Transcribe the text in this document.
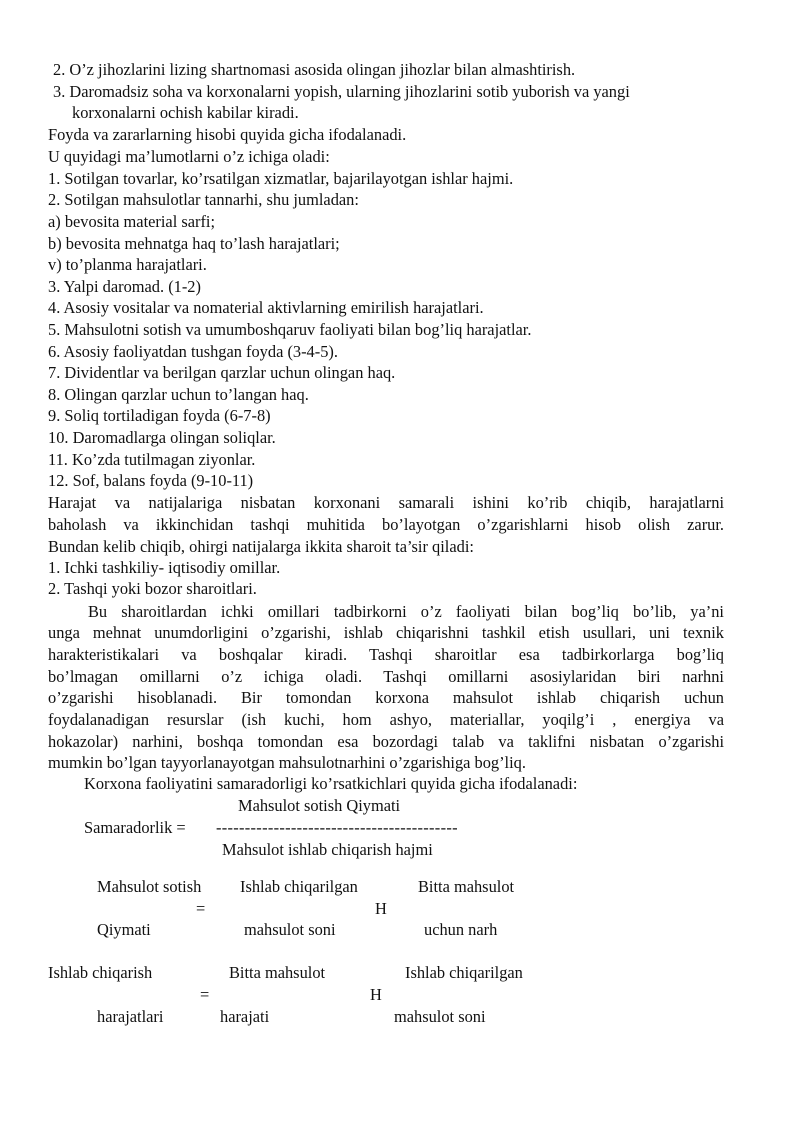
2. O’z jihozlarini lizing shartnomasi asosida olingan jihozlar bilan almashtirish.
3. Daromadsiz soha va korxonalarni yopish, ularning jihozlarini sotib yuborish va yangi
korxonalarni ochish kabilar kiradi.
Foyda va zararlarning hisobi quyida gicha ifodalanadi.
U quyidagi ma’lumotlarni o’z ichiga oladi:
1. Sotilgan tovarlar, ko’rsatilgan xizmatlar, bajarilayotgan ishlar hajmi.
2. Sotilgan mahsulotlar tannarhi, shu jumladan:
a) bevosita material sarfi;
b) bevosita mehnatga haq to’lash harajatlari;
v) to’planma harajatlari.
3. Yalpi daromad. (1-2)
4. Asosiy vositalar va nomaterial aktivlarning emirilish harajatlari.
5. Mahsulotni sotish va umumboshqaruv faoliyati bilan bog’liq harajatlar.
6. Asosiy faoliyatdan tushgan foyda (3-4-5).
7. Dividentlar va berilgan qarzlar uchun olingan haq.
8. Olingan qarzlar uchun to’langan haq.
9. Soliq tortiladigan foyda (6-7-8)
10. Daromadlarga olingan soliqlar.
11. Ko’zda tutilmagan ziyonlar.
12. Sof, balans foyda (9-10-11)
Harajat va natijalariga nisbatan korxonani samarali ishini ko’rib chiqib, harajatlarni
baholash va ikkinchidan tashqi muhitida bo’layotgan o’zgarishlarni hisob olish zarur.
Bundan kelib chiqib, ohirgi natijalarga ikkita sharoit ta’sir qiladi:
1. Ichki tashkiliy- iqtisodiy omillar.
2. Tashqi yoki bozor sharoitlari.
Bu sharoitlardan ichki omillari tadbirkorni o’z faoliyati bilan bog’liq bo’lib, ya’ni
unga mehnat unumdorligini o’zgarishi, ishlab chiqarishni tashkil etish usullari, uni texnik
harakteristikalari va boshqalar kiradi. Tashqi sharoitlar esa tadbirkorlarga bog’liq
bo’lmagan omillarni o’z ichiga oladi. Tashqi omillarni asosiylaridan biri narhni
o’zgarishi hisoblanadi. Bir tomondan korxona mahsulot ishlab chiqarish uchun
foydalanadigan resurslar (ish kuchi, hom ashyo, materiallar, yoqilg’i , energiya va
hokazolar) narhini, boshqa tomondan esa bozordagi talab va taklifni nisbatan o’zgarishi
mumkin bo’lgan tayyorlanayotgan mahsulotnarhini o’zgarishiga bog’liq.
Korxona faoliyatini samaradorligi ko’rsatkichlari quyida gicha ifodalanadi:
Mahsulot sotish Qiymati
Samaradorlik = ------------------------------------------
Mahsulot ishlab chiqarish hajmi
Mahsulot sotish Ishlab chiqarilgan	Bitta mahsulot
=	H
Qiymati	mahsulot soni	uchun narh
Ishlab chiqarish	Bitta mahsulot	Ishlab chiqarilgan
=	H
harajatlari	harajati	mahsulot soni
